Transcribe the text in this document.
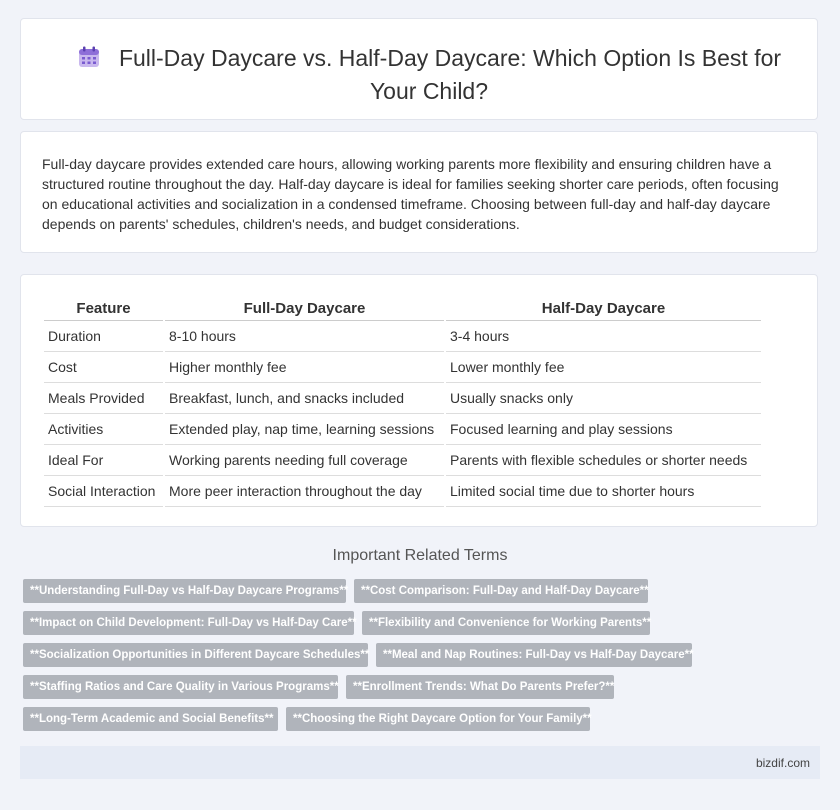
Full-Day Daycare vs. Half-Day Daycare: Which Option Is Best for Your Child?

Full-day daycare provides extended care hours, allowing working parents more flexibility and ensuring children have a structured routine throughout the day. Half-day daycare is ideal for families seeking shorter care periods, often focusing on educational activities and socialization in a condensed timeframe. Choosing between full-day and half-day daycare depends on parents' schedules, children's needs, and budget considerations.

Feature	Full-Day Daycare	Half-Day Daycare
Duration	8-10 hours	3-4 hours
Cost	Higher monthly fee	Lower monthly fee
Meals Provided	Breakfast, lunch, and snacks included	Usually snacks only
Activities	Extended play, nap time, learning sessions	Focused learning and play sessions
Ideal For	Working parents needing full coverage	Parents with flexible schedules or shorter needs
Social Interaction	More peer interaction throughout the day	Limited social time due to shorter hours
Important Related Terms
**Understanding Full-Day vs Half-Day Daycare Programs**	**Cost Comparison: Full-Day and Half-Day Daycare**
**Impact on Child Development: Full-Day vs Half-Day Care**	**Flexibility and Convenience for Working Parents**
**Socialization Opportunities in Different Daycare Schedules**	**Meal and Nap Routines: Full-Day vs Half-Day Daycare**
**Staffing Ratios and Care Quality in Various Programs**	**Enrollment Trends: What Do Parents Prefer?**
**Long-Term Academic and Social Benefits**	**Choosing the Right Daycare Option for Your Family**
bizdif.com
